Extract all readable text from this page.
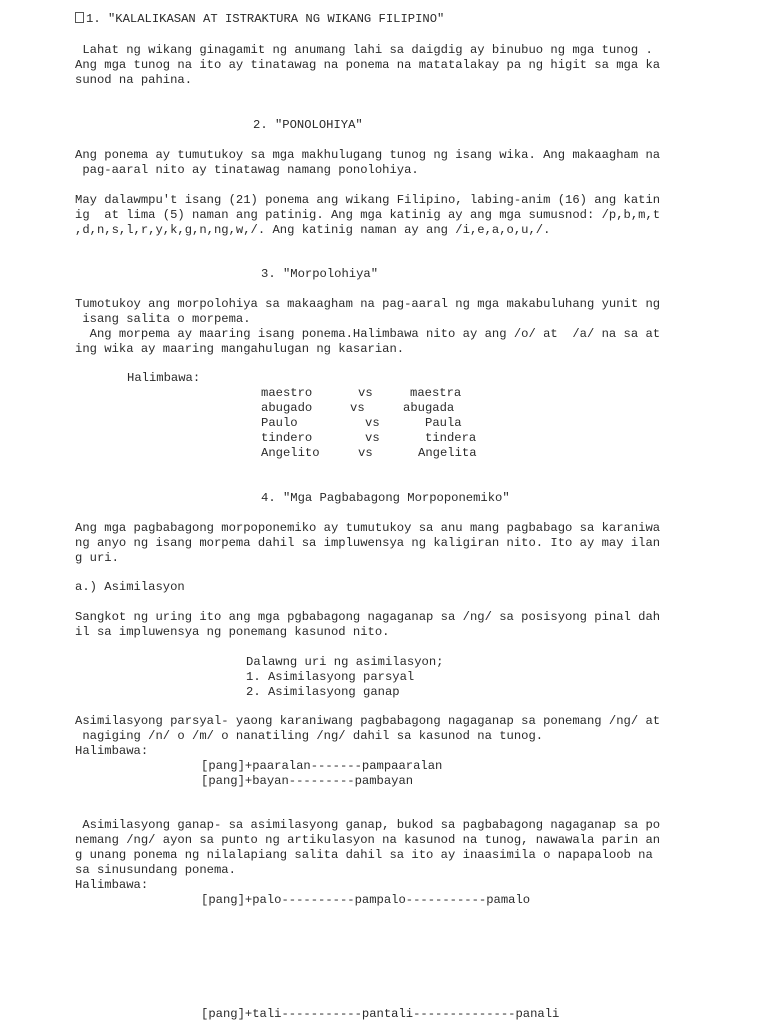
1. "KALALIKASAN AT ISTRAKTURA NG WIKANG FILIPINO"
Lahat ng wikang ginagamit ng anumang lahi sa daigdig ay binubuo ng mga tunog .
Ang mga tunog na ito ay tinatawag na ponema na matatalakay pa ng higit sa mga ka
sunod na pahina.
2. "PONOLOHIYA"
Ang ponema ay tumutukoy sa mga makhulugang tunog ng isang wika. Ang makaagham na
pag-aaral nito ay tinatawag namang ponolohiya.
May dalawmpu't isang (21) ponema ang wikang Filipino, labing-anim (16) ang katin
ig  at lima (5) naman ang patinig. Ang mga katinig ay ang mga sumusnod: /p,b,m,t
,d,n,s,l,r,y,k,g,n,ng,w,/. Ang katinig naman ay ang /i,e,a,o,u,/.
3. "Morpolohiya"
Tumotukoy ang morpolohiya sa makaagham na pag-aaral ng mga makabuluhang yunit ng
isang salita o morpema.
Ang morpema ay maaring isang ponema.Halimbawa nito ay ang /o/ at  /a/ na sa at
ing wika ay maaring mangahulugan ng kasarian.
Halimbawa:
maestro	vs	maestra
abugado	vs	abugada
Paulo	vs	Paula
tindero	vs	tindera
Angelito	vs	Angelita
4. "Mga Pagbabagong Morpoponemiko"
Ang mga pagbabagong morpoponemiko ay tumutukoy sa anu mang pagbabago sa karaniwa
ng anyo ng isang morpema dahil sa impluwensya ng kaligiran nito. Ito ay may ilan
g uri.
a.) Asimilasyon
Sangkot ng uring ito ang mga pgbabagong nagaganap sa /ng/ sa posisyong pinal dah
il sa impluwensya ng ponemang kasunod nito.
Dalawng uri ng asimilasyon;
1. Asimilasyong parsyal
2. Asimilasyong ganap
Asimilasyong parsyal- yaong karaniwang pagbabagong nagaganap sa ponemang /ng/ at
nagiging /n/ o /m/ o nanatiling /ng/ dahil sa kasunod na tunog.
Halimbawa:
[pang]+paaralan-------pampaaralan
[pang]+bayan---------pambayan
Asimilasyong ganap- sa asimilasyong ganap, bukod sa pagbabagong nagaganap sa po
nemang /ng/ ayon sa punto ng artikulasyon na kasunod na tunog, nawawala parin an
g unang ponema ng nilalapiang salita dahil sa ito ay inaasimila o napapaloob na
sa sinusundang ponema.
Halimbawa:
[pang]+palo----------pampalo-----------pamalo
[pang]+tali-----------pantali--------------panali
